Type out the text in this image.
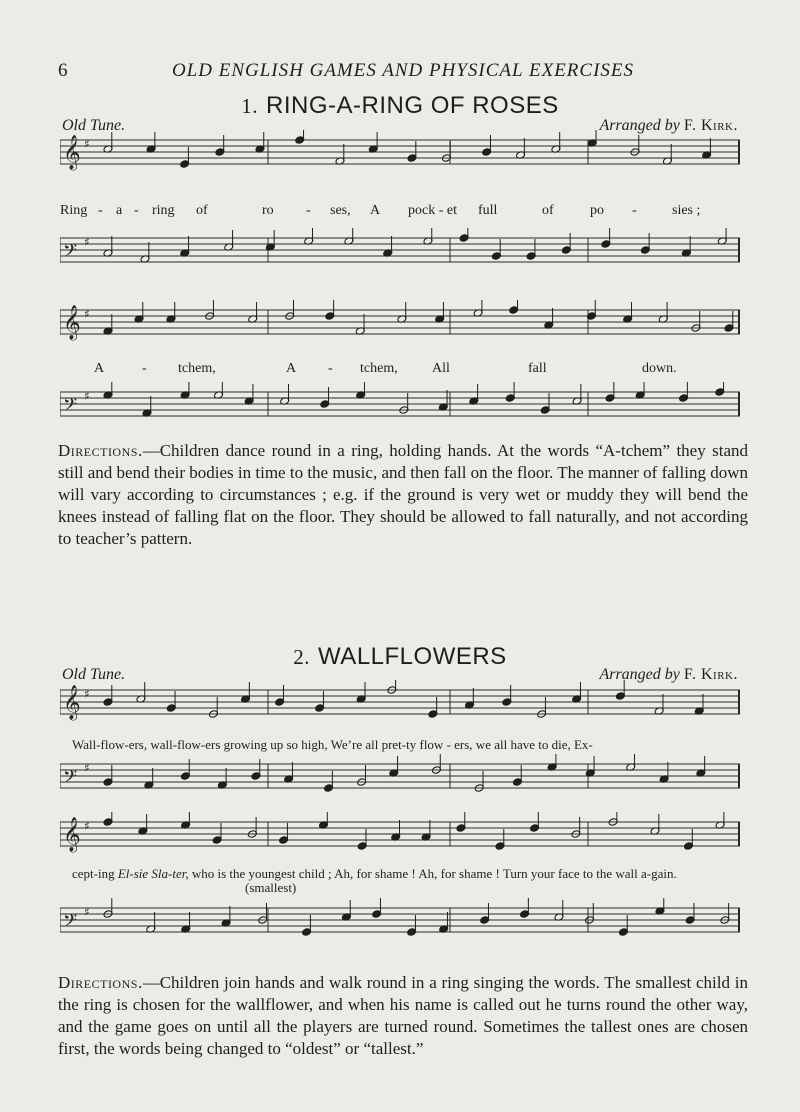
6	OLD ENGLISH GAMES AND PHYSICAL EXERCISES
1. RING-A-RING OF ROSES
Old Tune.	Arranged by F. Kirk.
𝄞 ♯
Ring - a - ring of	ro - ses, A pock - et full	of	po -	sies ;
𝄢 ♯
𝄞 ♯
A	- tchem,	A - tchem, All	fall	down.
𝄢 ♯
Directions.—Children dance round in a ring, holding hands. At the words “A-tchem” they stand still and bend their bodies in time to the music, and then fall on the floor. The manner of falling down will vary according to circumstances ; e.g. if the ground is very wet or muddy they will bend the knees instead of falling flat on the floor. They should be allowed to fall naturally, and not according to teacher’s pattern.
2. WALLFLOWERS
Old Tune.	Arranged by F. Kirk.
𝄞 ♯
Wall-flow-ers, wall-flow-ers growing up so high, We’re all pret-ty flow - ers, we all have to die, Ex-
𝄢 ♯
𝄞 ♯
cept-ing El-sie Sla-ter, who is the youngest child ; Ah, for shame ! Ah, for shame ! Turn your face to the wall a-gain.
(smallest)
𝄢 ♯
Directions.—Children join hands and walk round in a ring singing the words. The smallest child in the ring is chosen for the wallflower, and when his name is called out he turns round the other way, and the game goes on until all the players are turned round. Sometimes the tallest ones are chosen first, the words being changed to “oldest” or “tallest.”
